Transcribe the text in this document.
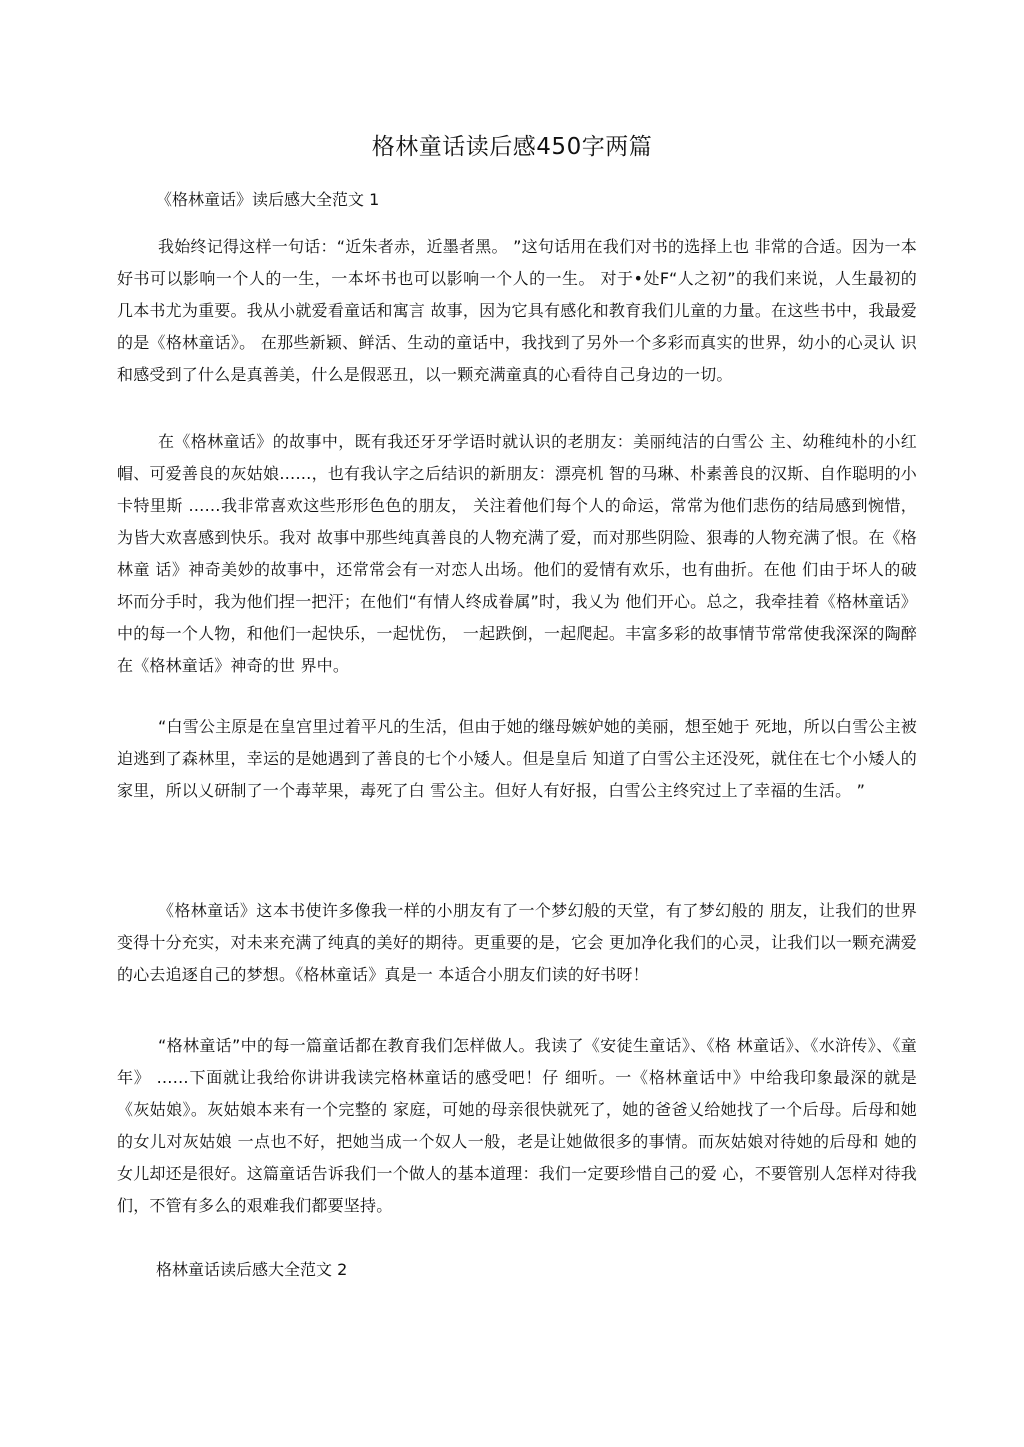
格林童话读后感450字两篇
《格林童话》读后感大全范文 1

我始终记得这样一句话：“近朱者赤，近墨者黑。 ”这句话用在我们对书的选择上也 非常的合适。因为一本好书可以影响一个人的一生，一本坏书也可以影响一个人的一生。 对于•处F“人之初”的我们来说，人生最初的几本书尤为重要。我从小就爱看童话和寓言 故事，因为它具有感化和教育我们儿童的力量。在这些书中，我最爱的是《格林童话》。 在那些新颖、鲜活、生动的童话中，我找到了另外一个多彩而真实的世界，幼小的心灵认 识和感受到了什么是真善美，什么是假恶丑，以一颗充满童真的心看待自己身边的一切。

在《格林童话》的故事中，既有我还牙牙学语时就认识的老朋友：美丽纯洁的白雪公 主、幼稚纯朴的小红帽、可爱善良的灰姑娘……，也有我认字之后结识的新朋友：漂亮机 智的马琳、朴素善良的汉斯、自作聪明的小卡特里斯 ……我非常喜欢这些形形色色的朋友， 关注着他们每个人的命运，常常为他们悲伤的结局感到惋惜，为皆大欢喜感到快乐。我对 故事中那些纯真善良的人物充满了爱，而对那些阴险、狠毒的人物充满了恨。在《格林童 话》神奇美妙的故事中，还常常会有一对恋人出场。他们的爱情有欢乐，也有曲折。在他 们由于坏人的破坏而分手时，我为他们捏一把汗；在他们“有情人终成眷属”时，我乂为 他们开心。总之，我牵挂着《格林童话》中的每一个人物，和他们一起快乐，一起忧伤， 一起跌倒，一起爬起。丰富多彩的故事情节常常使我深深的陶醉在《格林童话》神奇的世 界中。

“白雪公主原是在皇宫里过着平凡的生活，但由于她的继母嫉妒她的美丽，想至她于 死地，所以白雪公主被迫逃到了森林里，幸运的是她遇到了善良的七个小矮人。但是皇后 知道了白雪公主还没死，就住在七个小矮人的家里，所以乂研制了一个毒苹果，毒死了白 雪公主。但好人有好报，白雪公主终究过上了幸福的生活。 ”

《格林童话》这本书使许多像我一样的小朋友有了一个梦幻般的天堂，有了梦幻般的 朋友，让我们的世界变得十分充实，对未来充满了纯真的美好的期待。更重要的是，它会 更加净化我们的心灵，让我们以一颗充满爱的心去追逐自己的梦想。《格林童话》真是一 本适合小朋友们读的好书呀！

“格林童话”中的每一篇童话都在教育我们怎样做人。我读了《安徒生童话》、《格 林童话》、《水浒传》、《童年》 ……下面就让我给你讲讲我读完格林童话的感受吧！仔 细听。一《格林童话中》中给我印象最深的就是《灰姑娘》。灰姑娘本来有一个完整的 家庭，可她的母亲很快就死了，她的爸爸乂给她找了一个后母。后母和她的女儿对灰姑娘 一点也不好，把她当成一个奴人一般，老是让她做很多的事情。而灰姑娘对待她的后母和 她的女儿却还是很好。这篇童话告诉我们一个做人的基本道理：我们一定要珍惜自己的爱 心，不要管别人怎样对待我们，不管有多么的艰难我们都要坚持。

格林童话读后感大全范文 2
